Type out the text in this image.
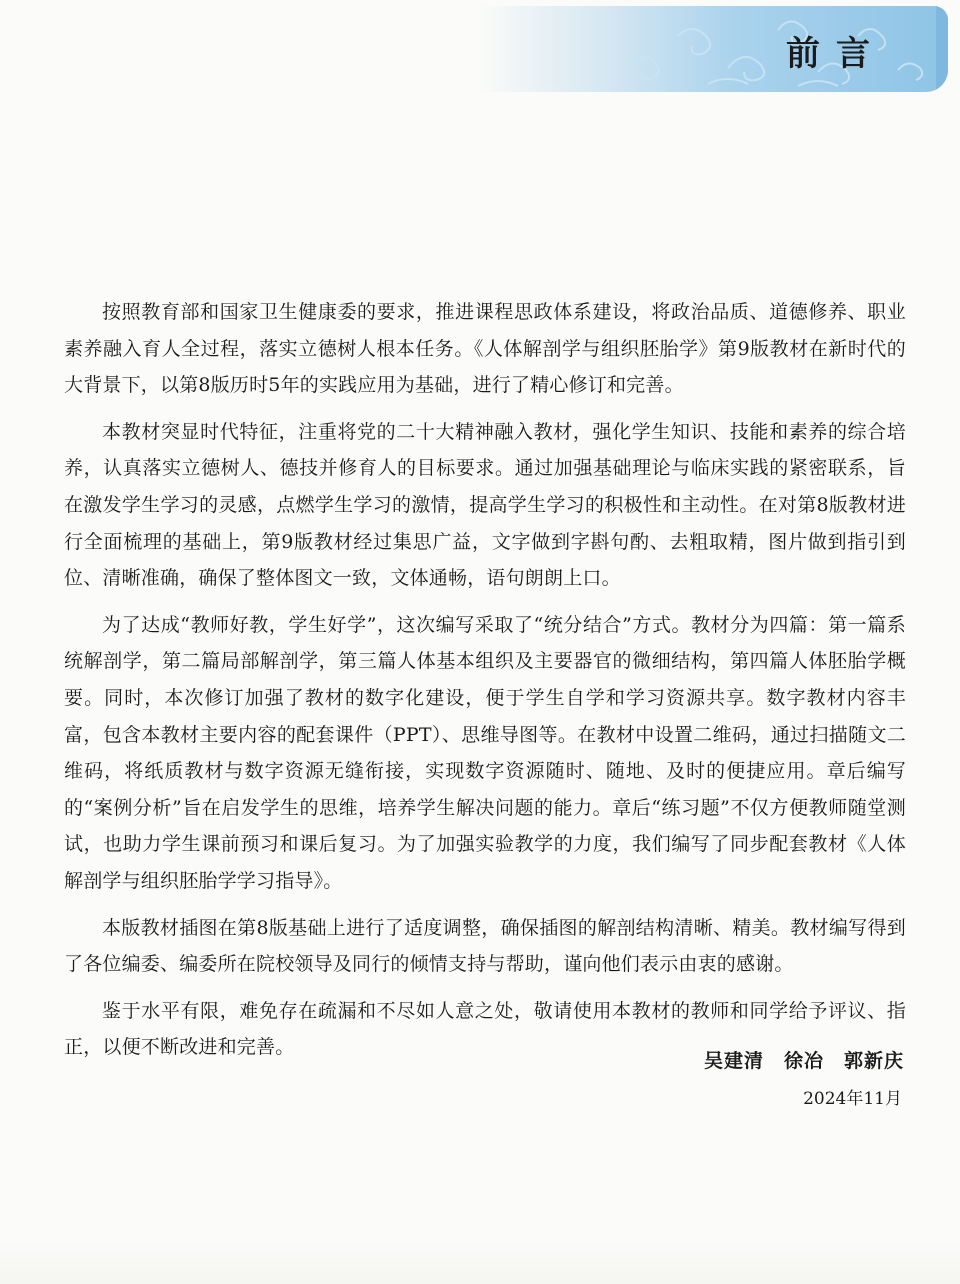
前言

按照教育部和国家卫生健康委的要求，推进课程思政体系建设，将政治品质、道德修养、职业素养融入育人全过程，落实立德树人根本任务。《人体解剖学与组织胚胎学》第9版教材在新时代的大背景下，以第8版历时5年的实践应用为基础，进行了精心修订和完善。

本教材突显时代特征，注重将党的二十大精神融入教材，强化学生知识、技能和素养的综合培养，认真落实立德树人、德技并修育人的目标要求。通过加强基础理论与临床实践的紧密联系，旨在激发学生学习的灵感，点燃学生学习的激情，提高学生学习的积极性和主动性。在对第8版教材进行全面梳理的基础上，第9版教材经过集思广益，文字做到字斟句酌、去粗取精，图片做到指引到位、清晰准确，确保了整体图文一致，文体通畅，语句朗朗上口。

为了达成“教师好教，学生好学”，这次编写采取了“统分结合”方式。教材分为四篇：第一篇系统解剖学，第二篇局部解剖学，第三篇人体基本组织及主要器官的微细结构，第四篇人体胚胎学概要。同时，本次修订加强了教材的数字化建设，便于学生自学和学习资源共享。数字教材内容丰富，包含本教材主要内容的配套课件（PPT）、思维导图等。在教材中设置二维码，通过扫描随文二维码，将纸质教材与数字资源无缝衔接，实现数字资源随时、随地、及时的便捷应用。章后编写的“案例分析”旨在启发学生的思维，培养学生解决问题的能力。章后“练习题”不仅方便教师随堂测试，也助力学生课前预习和课后复习。为了加强实验教学的力度，我们编写了同步配套教材《人体解剖学与组织胚胎学学习指导》。

本版教材插图在第8版基础上进行了适度调整，确保插图的解剖结构清晰、精美。教材编写得到了各位编委、编委所在院校领导及同行的倾情支持与帮助，谨向他们表示由衷的感谢。

鉴于水平有限，难免存在疏漏和不尽如人意之处，敬请使用本教材的教师和同学给予评议、指正，以便不断改进和完善。

吴建清　徐冶　郭新庆
2024年11月
